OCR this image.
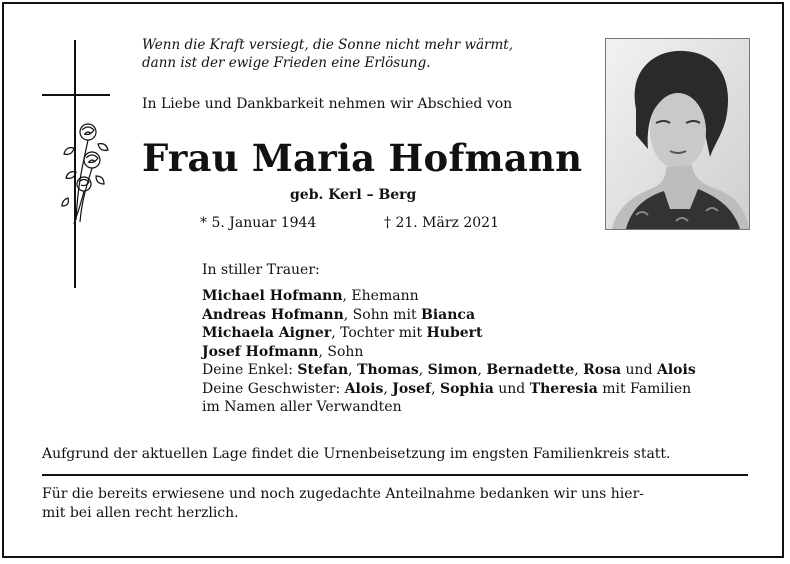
Wenn die Kraft versiegt, die Sonne nicht mehr wärmt,
dann ist der ewige Frieden eine Erlösung.
In Liebe und Dankbarkeit nehmen wir Abschied von
Frau Maria Hofmann
geb. Kerl – Berg
* 5. Januar 1944	† 21. März 2021
In stiller Trauer:

Michael Hofmann, Ehemann

Andreas Hofmann, Sohn mit Bianca

Michaela Aigner, Tochter mit Hubert

Josef Hofmann, Sohn

Deine Enkel: Stefan, Thomas, Simon, Bernadette, Rosa und Alois

Deine Geschwister: Alois, Josef, Sophia und Theresia mit Familien

im Namen aller Verwandten

Aufgrund der aktuellen Lage findet die Urnenbeisetzung im engsten Familienkreis statt.

Für die bereits erwiesene und noch zugedachte Anteilnahme bedanken wir uns hier-

mit bei allen recht herzlich.
